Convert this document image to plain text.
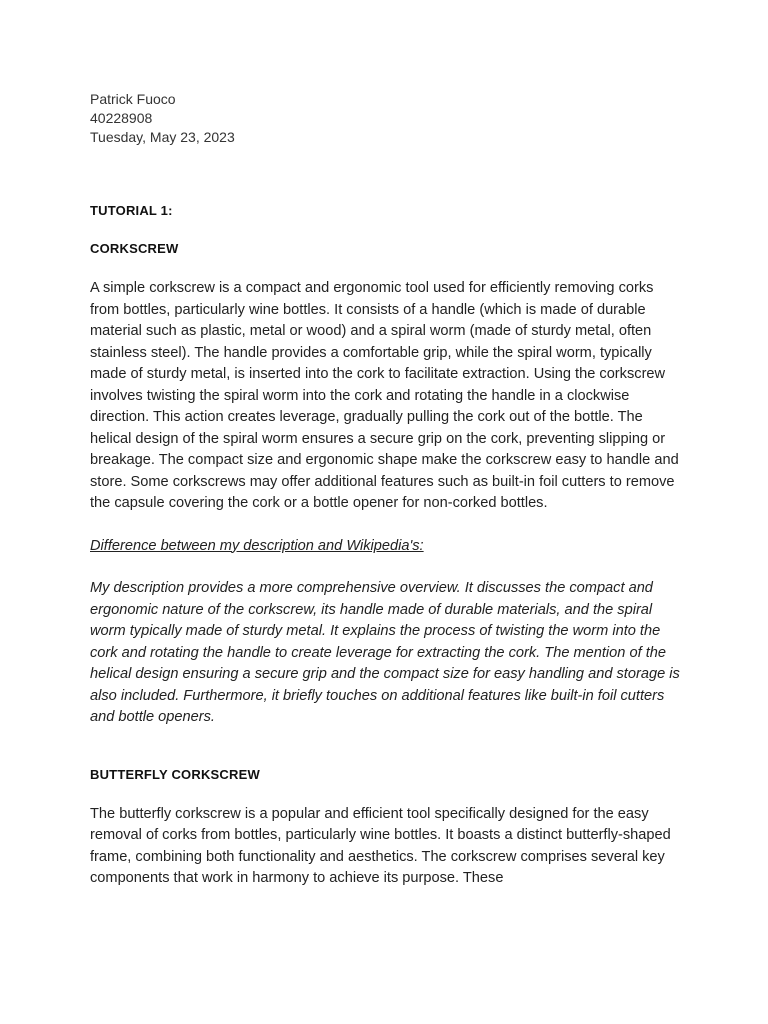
Patrick Fuoco

40228908

Tuesday, May 23, 2023

TUTORIAL 1:

CORKSCREW

A simple corkscrew is a compact and ergonomic tool used for efficiently removing corks from bottles, particularly wine bottles. It consists of a handle (which is made of durable material such as plastic, metal or wood) and a spiral worm (made of sturdy metal, often stainless steel). The handle provides a comfortable grip, while the spiral worm, typically made of sturdy metal, is inserted into the cork to facilitate extraction. Using the corkscrew involves twisting the spiral worm into the cork and rotating the handle in a clockwise direction. This action creates leverage, gradually pulling the cork out of the bottle. The helical design of the spiral worm ensures a secure grip on the cork, preventing slipping or breakage. The compact size and ergonomic shape make the corkscrew easy to handle and store. Some corkscrews may offer additional features such as built-in foil cutters to remove the capsule covering the cork or a bottle opener for non-corked bottles.

Difference between my description and Wikipedia's:

My description provides a more comprehensive overview. It discusses the compact and ergonomic nature of the corkscrew, its handle made of durable materials, and the spiral worm typically made of sturdy metal. It explains the process of twisting the worm into the cork and rotating the handle to create leverage for extracting the cork. The mention of the helical design ensuring a secure grip and the compact size for easy handling and storage is also included. Furthermore, it briefly touches on additional features like built-in foil cutters and bottle openers.

BUTTERFLY CORKSCREW

The butterfly corkscrew is a popular and efficient tool specifically designed for the easy removal of corks from bottles, particularly wine bottles. It boasts a distinct butterfly-shaped frame, combining both functionality and aesthetics. The corkscrew comprises several key components that work in harmony to achieve its purpose. These
